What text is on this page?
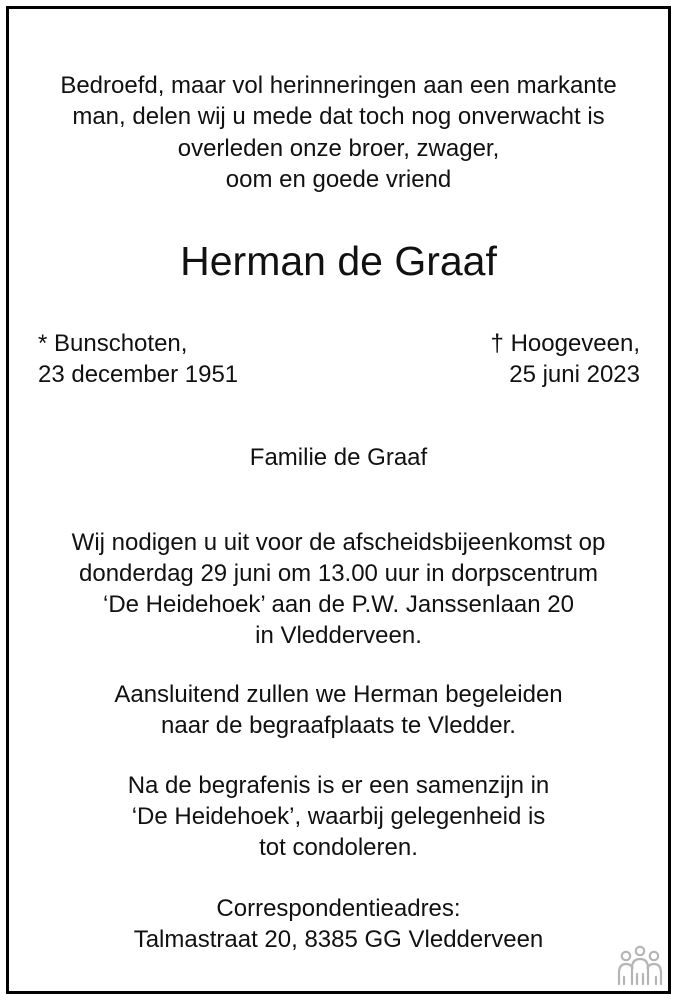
Bedroefd, maar vol herinneringen aan een markante
man, delen wij u mede dat toch nog onverwacht is
overleden onze broer, zwager,
oom en goede vriend
Herman de Graaf
* Bunschoten,
23 december 1951
† Hoogeveen,
25 juni 2023
Familie de Graaf
Wij nodigen u uit voor de afscheidsbijeenkomst op
donderdag 29 juni om 13.00 uur in dorpscentrum
‘De Heidehoek’ aan de P.W. Janssenlaan 20
in Vledderveen.
Aansluitend zullen we Herman begeleiden
naar de begraafplaats te Vledder.
Na de begrafenis is er een samenzijn in
‘De Heidehoek’, waarbij gelegenheid is
tot condoleren.
Correspondentieadres:
Talmastraat 20, 8385 GG Vledderveen
